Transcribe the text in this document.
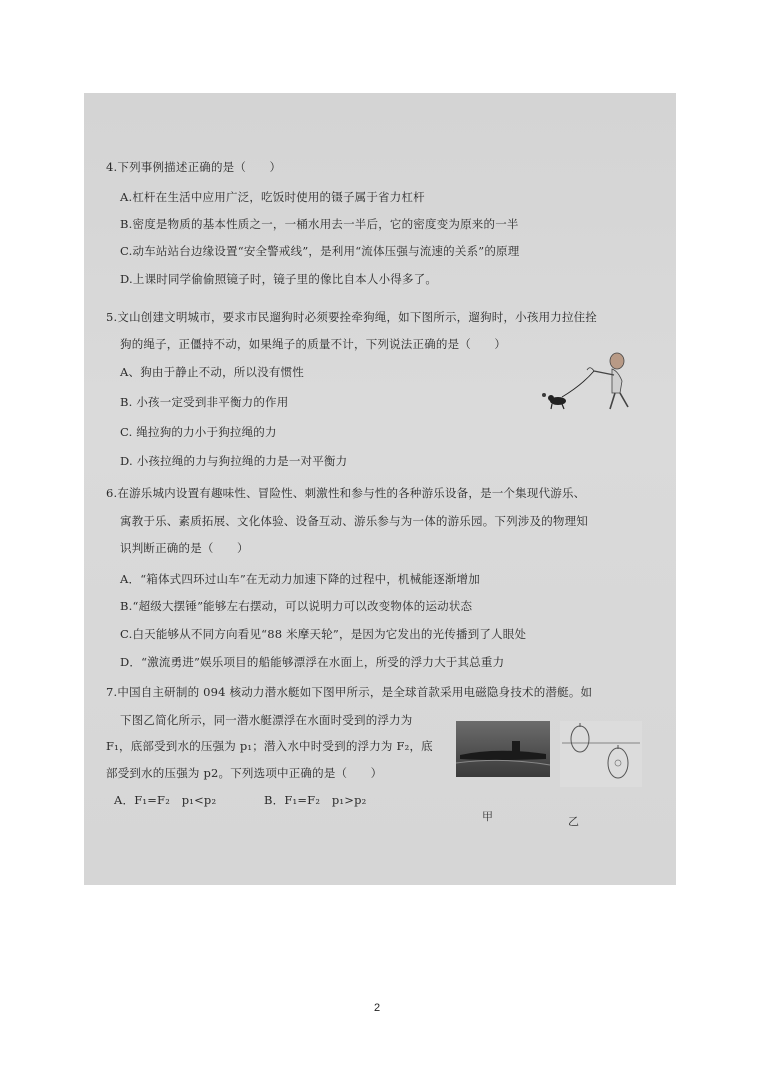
4.下列事例描述正确的是（　　）
A.杠杆在生活中应用广泛，吃饭时使用的镊子属于省力杠杆
B.密度是物质的基本性质之一，一桶水用去一半后，它的密度变为原来的一半
C.动车站站台边缘设置“安全警戒线”，是利用“流体压强与流速的关系”的原理
D.上课时同学偷偷照镜子时，镜子里的像比自本人小得多了。
5.文山创建文明城市，要求市民遛狗时必须要拴牵狗绳，如下图所示，遛狗时，小孩用力拉住拴
狗的绳子，正僵持不动，如果绳子的质量不计，下列说法正确的是（　　）
A、狗由于静止不动，所以没有惯性
B. 小孩一定受到非平衡力的作用
C. 绳拉狗的力小于狗拉绳的力
D. 小孩拉绳的力与狗拉绳的力是一对平衡力
6.在游乐城内设置有趣味性、冒险性、刺激性和参与性的各种游乐设备，是一个集现代游乐、
寓教于乐、素质拓展、文化体验、设备互动、游乐参与为一体的游乐园。下列涉及的物理知
识判断正确的是（　　）
A．“箱体式四环过山车”在无动力加速下降的过程中，机械能逐渐增加
B.“超级大摆锤”能够左右摆动，可以说明力可以改变物体的运动状态
C.白天能够从不同方向看见“88 米摩天轮”，是因为它发出的光传播到了人眼处
D．“激流勇进”娱乐项目的船能够漂浮在水面上，所受的浮力大于其总重力
7.中国自主研制的 094 核动力潜水艇如下图甲所示，是全球首款采用电磁隐身技术的潜艇。如
下图乙简化所示，同一潜水艇漂浮在水面时受到的浮力为
F₁，底部受到水的压强为 p₁；潜入水中时受到的浮力为 F₂，底
部受到水的压强为 p2。下列选项中正确的是（　　）
A．F₁=F₂　p₁<p₂	B．F₁=F₂　p₁>p₂
甲	乙
2
